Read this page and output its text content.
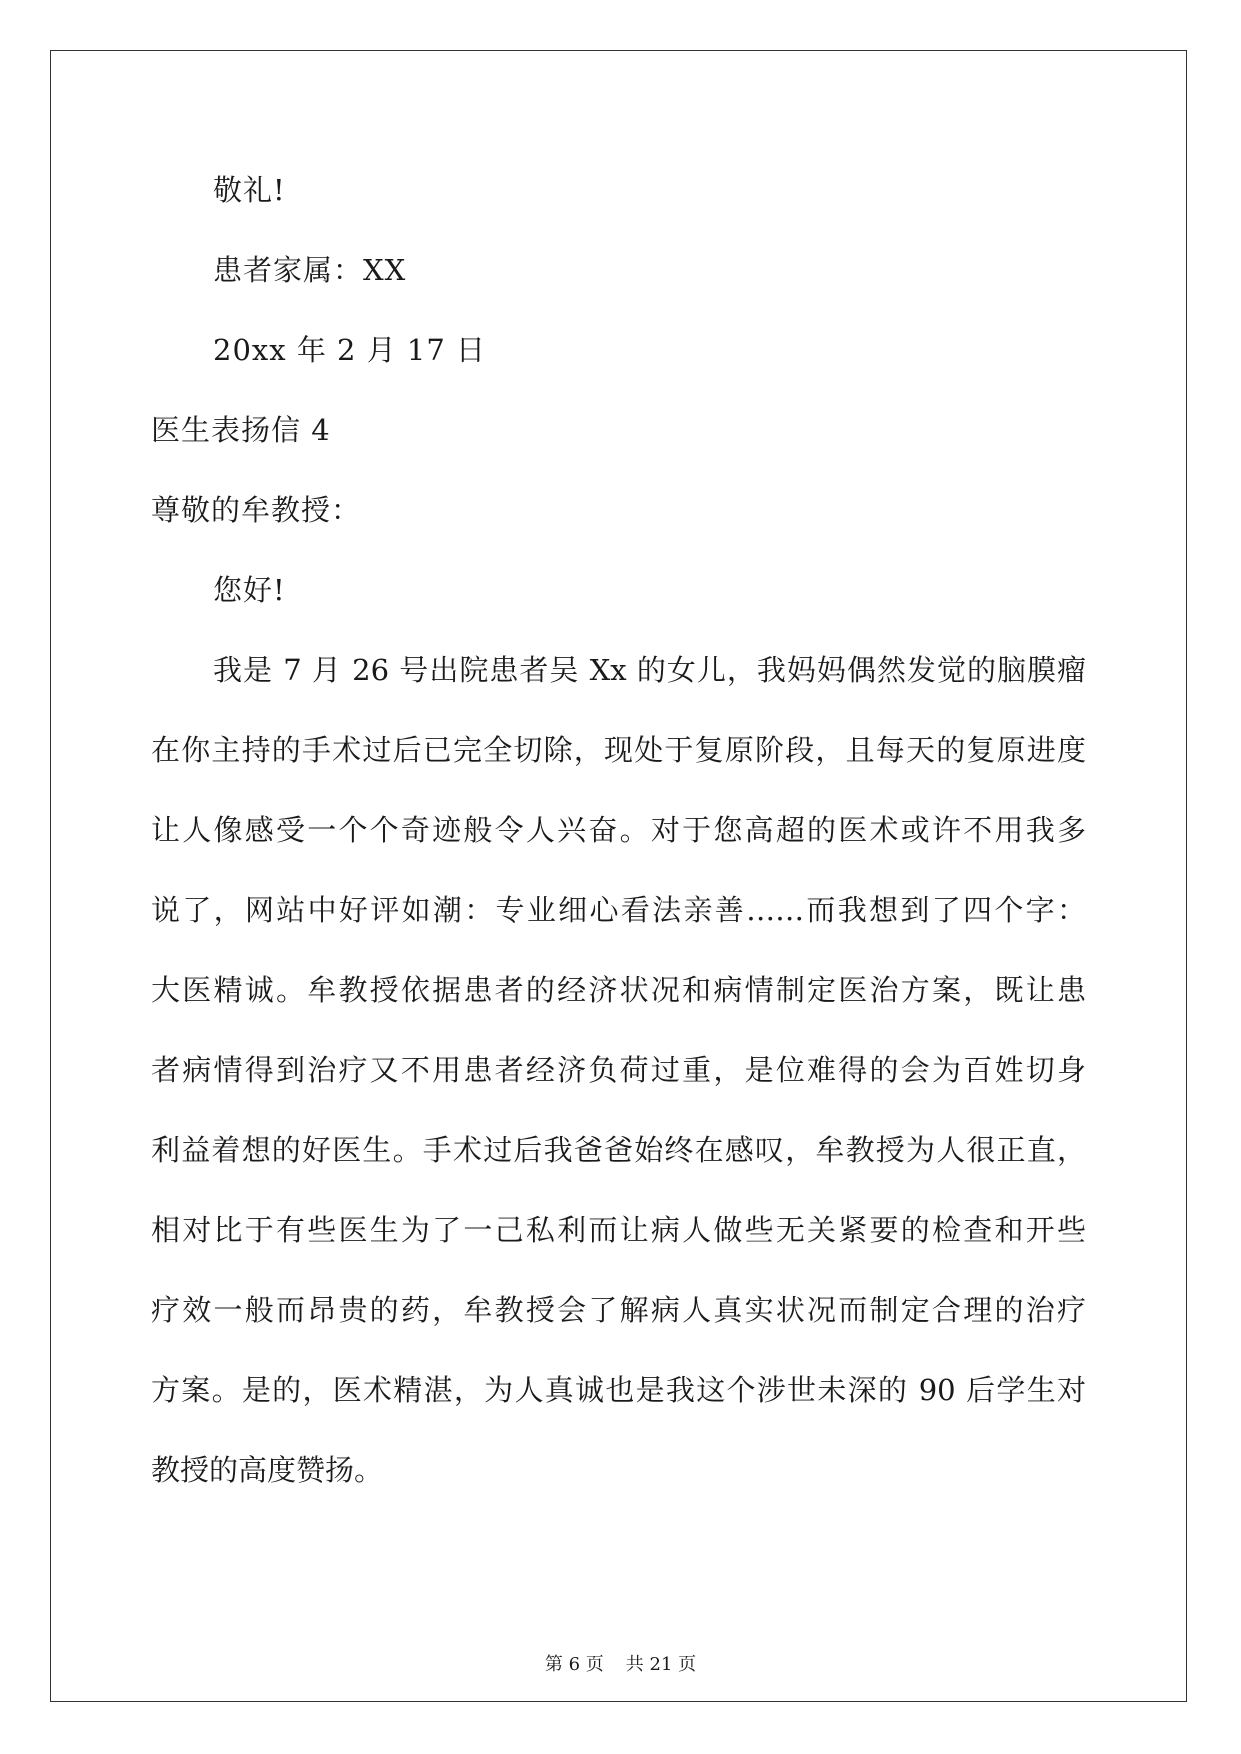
敬礼!
患者家属：XX
20xx 年 2 月 17 日
医生表扬信 4
尊敬的牟教授：
您好!
我是 7 月 26 号出院患者吴 Xx 的女儿，我妈妈偶然发觉的脑膜瘤
在你主持的手术过后已完全切除，现处于复原阶段，且每天的复原进度
让人像感受一个个奇迹般令人兴奋。对于您高超的医术或许不用我多
说了，网站中好评如潮：专业细心看法亲善……而我想到了四个字：
大医精诚。牟教授依据患者的经济状况和病情制定医治方案，既让患
者病情得到治疗又不用患者经济负荷过重，是位难得的会为百姓切身
利益着想的好医生。手术过后我爸爸始终在感叹，牟教授为人很正直，
相对比于有些医生为了一己私利而让病人做些无关紧要的检查和开些
疗效一般而昂贵的药，牟教授会了解病人真实状况而制定合理的治疗
方案。是的，医术精湛，为人真诚也是我这个涉世未深的 90 后学生对
教授的高度赞扬。
第 6 页 共 21 页
